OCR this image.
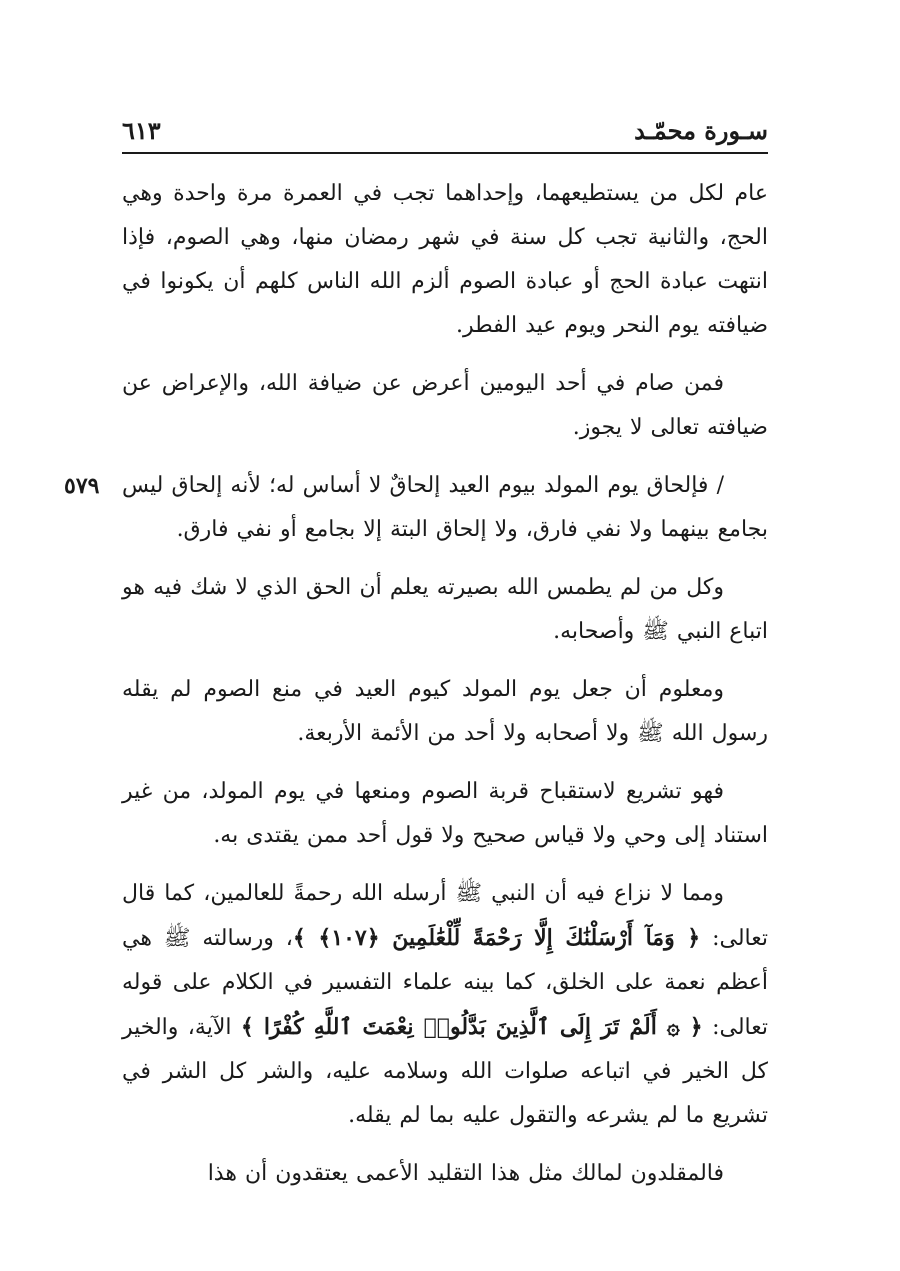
سـورة محمّـد
٦١٣

عام لكل من يستطيعهما، وإحداهما تجب في العمرة مرة واحدة وهي الحج، والثانية تجب كل سنة في شهر رمضان منها، وهي الصوم، فإذا انتهت عبادة الحج أو عبادة الصوم ألزم الله الناس كلهم أن يكونوا في ضيافته يوم النحر ويوم عيد الفطر.

فمن صام في أحد اليومين أعرض عن ضيافة الله، والإعراض عن ضيافته تعالى لا يجوز.

٥٧٩	/ فإلحاق يوم المولد بيوم العيد إلحاقٌ لا أساس له؛ لأنه إلحاق ليس بجامع بينهما ولا نفي فارق، ولا إلحاق البتة إلا بجامع أو نفي فارق.

وكل من لم يطمس الله بصيرته يعلم أن الحق الذي لا شك فيه هو اتباع النبي ﷺ وأصحابه.

ومعلوم أن جعل يوم المولد كيوم العيد في منع الصوم لم يقله رسول الله ﷺ ولا أصحابه ولا أحد من الأئمة الأربعة.

فهو تشريع لاستقباح قربة الصوم ومنعها في يوم المولد، من غير استناد إلى وحي ولا قياس صحيح ولا قول أحد ممن يقتدى به.

ومما لا نزاع فيه أن النبي ﷺ أرسله الله رحمةً للعالمين، كما قال تعالى: ﴿ وَمَآ أَرْسَلْنَٰكَ إِلَّا رَحْمَةً لِّلْعَٰلَمِينَ ﴿١٠٧﴾ ﴾، ورسالته ﷺ هي أعظم نعمة على الخلق، كما بينه علماء التفسير في الكلام على قوله تعالى: ﴿ ۞ أَلَمْ تَرَ إِلَى ٱلَّذِينَ بَدَّلُوا۟ نِعْمَتَ ٱللَّهِ كُفْرًا ﴾ الآية، والخير كل الخير في اتباعه صلوات الله وسلامه عليه، والشر كل الشر في تشريع ما لم يشرعه والتقول عليه بما لم يقله.

فالمقلدون لمالك مثل هذا التقليد الأعمى يعتقدون أن هذا
